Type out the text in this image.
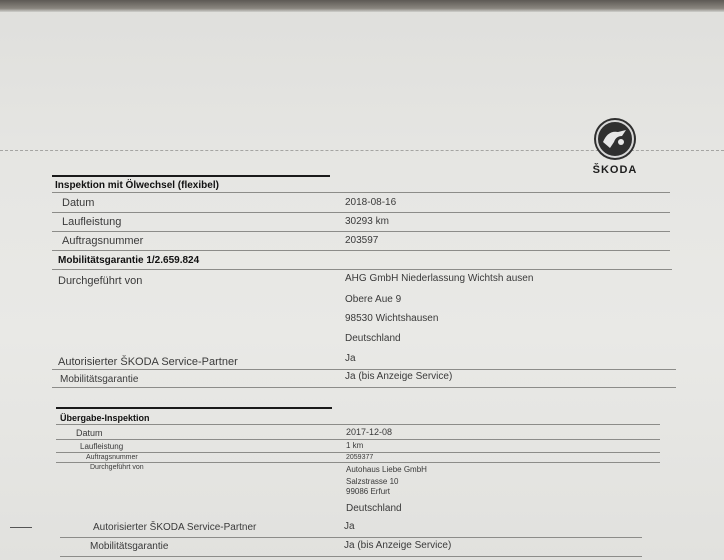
ŠKODA
Inspektion mit Ölwechsel (flexibel)
Datum	2018-08-16
Laufleistung	30293 km
Auftragsnummer	203597
Mobilitätsgarantie 1/2.659.824
Durchgeführt von	AHG GmbH Niederlassung Wichtsh ausen
Obere Aue 9
98530 Wichtshausen
Deutschland
Autorisierter ŠKODA Service-Partner	Ja
Mobilitätsgarantie	Ja (bis Anzeige Service)
Übergabe-Inspektion
Datum	2017-12-08
Laufleistung	1 km
Auftragsnummer	2059377
Durchgeführt von	Autohaus Liebe GmbH
Salzstrasse 10
99086 Erfurt
Deutschland
Autorisierter ŠKODA Service-Partner	Ja
Mobilitätsgarantie	Ja (bis Anzeige Service)
